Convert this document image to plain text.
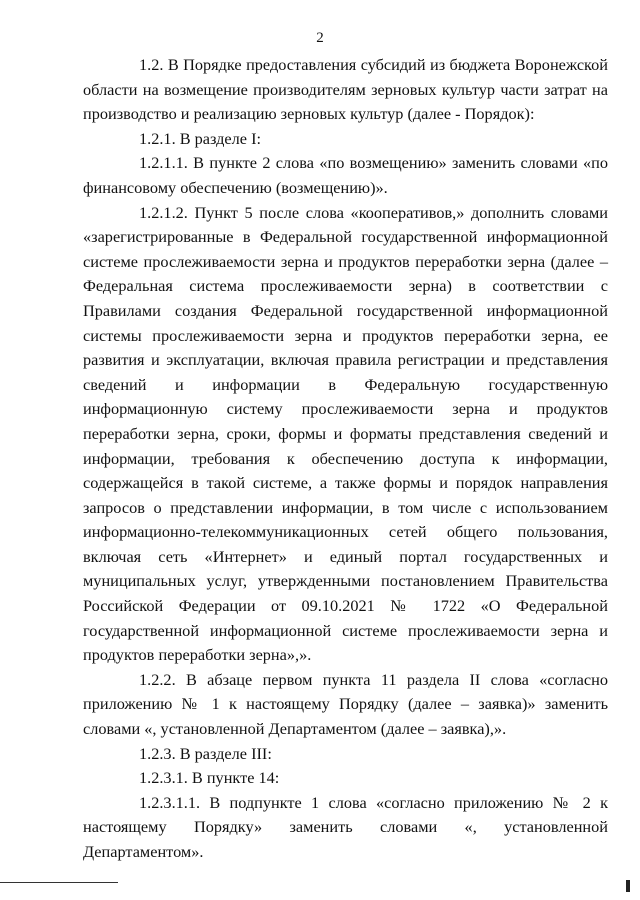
2

1.2. В Порядке предоставления субсидий из бюджета Воронежской области на возмещение производителям зерновых культур части затрат на производство и реализацию зерновых культур (далее - Порядок):

1.2.1. В разделе I:

1.2.1.1. В пункте 2 слова «по возмещению» заменить словами «по финансовому обеспечению (возмещению)».

1.2.1.2. Пункт 5 после слова «кооперативов,» дополнить словами «зарегистрированные в Федеральной государственной информационной системе прослеживаемости зерна и продуктов переработки зерна (далее – Федеральная система прослеживаемости зерна) в соответствии с Правилами создания Федеральной государственной информационной системы прослеживаемости зерна и продуктов переработки зерна, ее развития и эксплуатации, включая правила регистрации и представления сведений и информации в Федеральную государственную информационную систему прослеживаемости зерна и продуктов переработки зерна, сроки, формы и форматы представления сведений и информации, требования к обеспечению доступа к информации, содержащейся в такой системе, а также формы и порядок направления запросов о представлении информации, в том числе с использованием информационно-телекоммуникационных сетей общего пользования, включая сеть «Интернет» и единый портал государственных и муниципальных услуг, утвержденными постановлением Правительства Российской Федерации от 09.10.2021 № 1722 «О Федеральной государственной информационной системе прослеживаемости зерна и продуктов переработки зерна»,».

1.2.2. В абзаце первом пункта 11 раздела II слова «согласно приложению № 1 к настоящему Порядку (далее – заявка)» заменить словами «, установленной Департаментом (далее – заявка),».

1.2.3. В разделе III:

1.2.3.1. В пункте 14:

1.2.3.1.1. В подпункте 1 слова «согласно приложению № 2 к настоящему Порядку» заменить словами «, установленной Департаментом».
